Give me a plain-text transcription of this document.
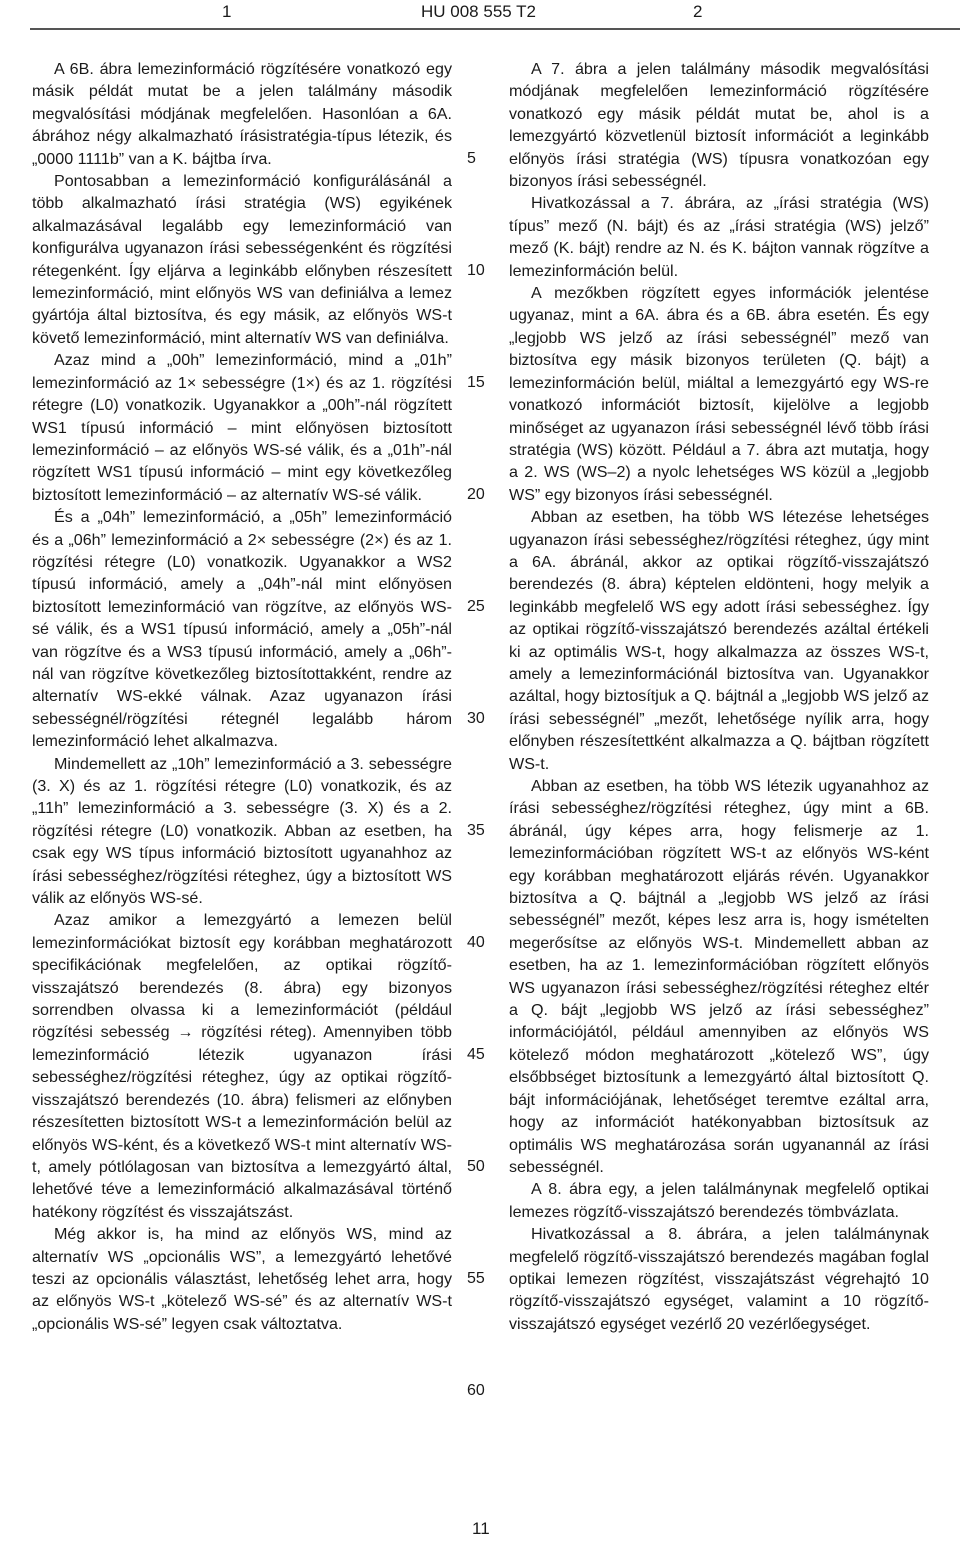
1	HU 008 555 T2	2

A 6B. ábra lemezinformáció rögzítésére vonatkozó egy másik példát mutat be a jelen találmány második megvalósítási módjának megfelelően. Hasonlóan a 6A. ábrához négy alkalmazható írásistratégia-típus létezik, és „0000 1111b” van a K. bájtba írva.

Pontosabban a lemezinformáció konfigurálásánál a több alkalmazható írási stratégia (WS) egyikének alkalmazásával legalább egy lemezinformáció van konfigurálva ugyanazon írási sebességenként és rögzítési rétegenként. Így eljárva a leginkább előnyben részesített lemezinformáció, mint előnyös WS van definiálva a lemez gyártója által biztosítva, és egy másik, az előnyös WS-t követő lemezinformáció, mint alternatív WS van definiálva.

Azaz mind a „00h” lemezinformáció, mind a „01h” lemezinformáció az 1× sebességre (1×) és az 1. rögzítési rétegre (L0) vonatkozik. Ugyanakkor a „00h”-nál rögzített WS1 típusú információ – mint előnyösen biztosított lemezinformáció – az előnyös WS-sé válik, és a „01h”-nál rögzített WS1 típusú információ – mint egy következőleg biztosított lemezinformáció – az alternatív WS-sé válik.

És a „04h” lemezinformáció, a „05h” lemezinformáció és a „06h” lemezinformáció a 2× sebességre (2×) és az 1. rögzítési rétegre (L0) vonatkozik. Ugyanakkor a WS2 típusú információ, amely a „04h”-nál mint előnyösen biztosított lemezinformáció van rögzítve, az előnyös WS-sé válik, és a WS1 típusú információ, amely a „05h”-nál van rögzítve és a WS3 típusú információ, amely a „06h”-nál van rögzítve következőleg biztosítottakként, rendre az alternatív WS-ekké válnak. Azaz ugyanazon írási sebességnél/rögzítési rétegnél legalább három lemezinformáció lehet alkalmazva.

Mindemellett az „10h” lemezinformáció a 3. sebességre (3. X) és az 1. rögzítési rétegre (L0) vonatkozik, és az „11h” lemezinformáció a 3. sebességre (3. X) és a 2. rögzítési rétegre (L0) vonatkozik. Abban az esetben, ha csak egy WS típus információ biztosított ugyanahhoz az írási sebességhez/rögzítési réteghez, úgy a biztosított WS válik az előnyös WS-sé.

Azaz amikor a lemezgyártó a lemezen belül lemezinformációkat biztosít egy korábban meghatározott specifikációnak megfelelően, az optikai rögzítő-visszajátszó berendezés (8. ábra) egy bizonyos sorrendben olvassa ki a lemezinformációt (például rögzítési sebesség → rögzítési réteg). Amennyiben több lemezinformáció létezik ugyanazon írási sebességhez/rögzítési réteghez, úgy az optikai rögzítő-visszajátszó berendezés (10. ábra) felismeri az előnyben részesítetten biztosított WS-t a lemezinformáción belül az előnyös WS-ként, és a következő WS-t mint alternatív WS-t, amely pótlólagosan van biztosítva a lemezgyártó által, lehetővé téve a lemezinformáció alkalmazásával történő hatékony rögzítést és visszajátszást.

Még akkor is, ha mind az előnyös WS, mind az alternatív WS „opcionális WS”, a lemezgyártó lehetővé teszi az opcionális választást, lehetőség lehet arra, hogy az előnyös WS-t „kötelező WS-sé” és az alternatív WS-t „opcionális WS-sé” legyen csak változtatva.

5
10
15
20
25
30
35
40
45
50
55
60

A 7. ábra a jelen találmány második megvalósítási módjának megfelelően lemezinformáció rögzítésére vonatkozó egy másik példát mutat be, ahol is a lemezgyártó közvetlenül biztosít információt a leginkább előnyös írási stratégia (WS) típusra vonatkozóan egy bizonyos írási sebességnél.

Hivatkozással a 7. ábrára, az „írási stratégia (WS) típus” mező (N. bájt) és az „írási stratégia (WS) jelző” mező (K. bájt) rendre az N. és K. bájton vannak rögzítve a lemezinformáción belül.

A mezőkben rögzített egyes információk jelentése ugyanaz, mint a 6A. ábra és a 6B. ábra esetén. És egy „legjobb WS jelző az írási sebességnél” mező van biztosítva egy másik bizonyos területen (Q. bájt) a lemezinformáción belül, miáltal a lemezgyártó egy WS-re vonatkozó információt biztosít, kijelölve a legjobb minőséget az ugyanazon írási sebességnél lévő több írási stratégia (WS) között. Például a 7. ábra azt mutatja, hogy a 2. WS (WS–2) a nyolc lehetséges WS közül a „legjobb WS” egy bizonyos írási sebességnél.

Abban az esetben, ha több WS létezése lehetséges ugyanazon írási sebességhez/rögzítési réteghez, úgy mint a 6A. ábránál, akkor az optikai rögzítő-visszajátszó berendezés (8. ábra) képtelen eldönteni, hogy melyik a leginkább megfelelő WS egy adott írási sebességhez. Így az optikai rögzítő-visszajátszó berendezés azáltal értékeli ki az optimális WS-t, hogy alkalmazza az összes WS-t, amely a lemezinformációnál biztosítva van. Ugyanakkor azáltal, hogy biztosítjuk a Q. bájtnál a „legjobb WS jelző az írási sebességnél” „mezőt, lehetősége nyílik arra, hogy előnyben részesítettként alkalmazza a Q. bájtban rögzített WS-t.

Abban az esetben, ha több WS létezik ugyanahhoz az írási sebességhez/rögzítési réteghez, úgy mint a 6B. ábránál, úgy képes arra, hogy felismerje az 1. lemezinformációban rögzített WS-t az előnyös WS-ként egy korábban meghatározott eljárás révén. Ugyanakkor biztosítva a Q. bájtnál a „legjobb WS jelző az írási sebességnél” mezőt, képes lesz arra is, hogy ismételten megerősítse az előnyös WS-t. Mindemellett abban az esetben, ha az 1. lemezinformációban rögzített előnyös WS ugyanazon írási sebességhez/rögzítési réteghez eltér a Q. bájt „legjobb WS jelző az írási sebességhez” információjától, például amennyiben az előnyös WS kötelező módon meghatározott „kötelező WS”, úgy elsőbbséget biztosítunk a lemezgyártó által biztosított Q. bájt információjának, lehetőséget teremtve ezáltal arra, hogy az információt hatékonyabban biztosítsuk az optimális WS meghatározása során ugyanannál az írási sebességnél.

A 8. ábra egy, a jelen találmánynak megfelelő optikai lemezes rögzítő-visszajátszó berendezés tömbvázlata.

Hivatkozással a 8. ábrára, a jelen találmánynak megfelelő rögzítő-visszajátszó berendezés magában foglal optikai lemezen rögzítést, visszajátszást végrehajtó 10 rögzítő-visszajátszó egységet, valamint a 10 rögzítő-visszajátszó egységet vezérlő 20 vezérlőegységet.

11
